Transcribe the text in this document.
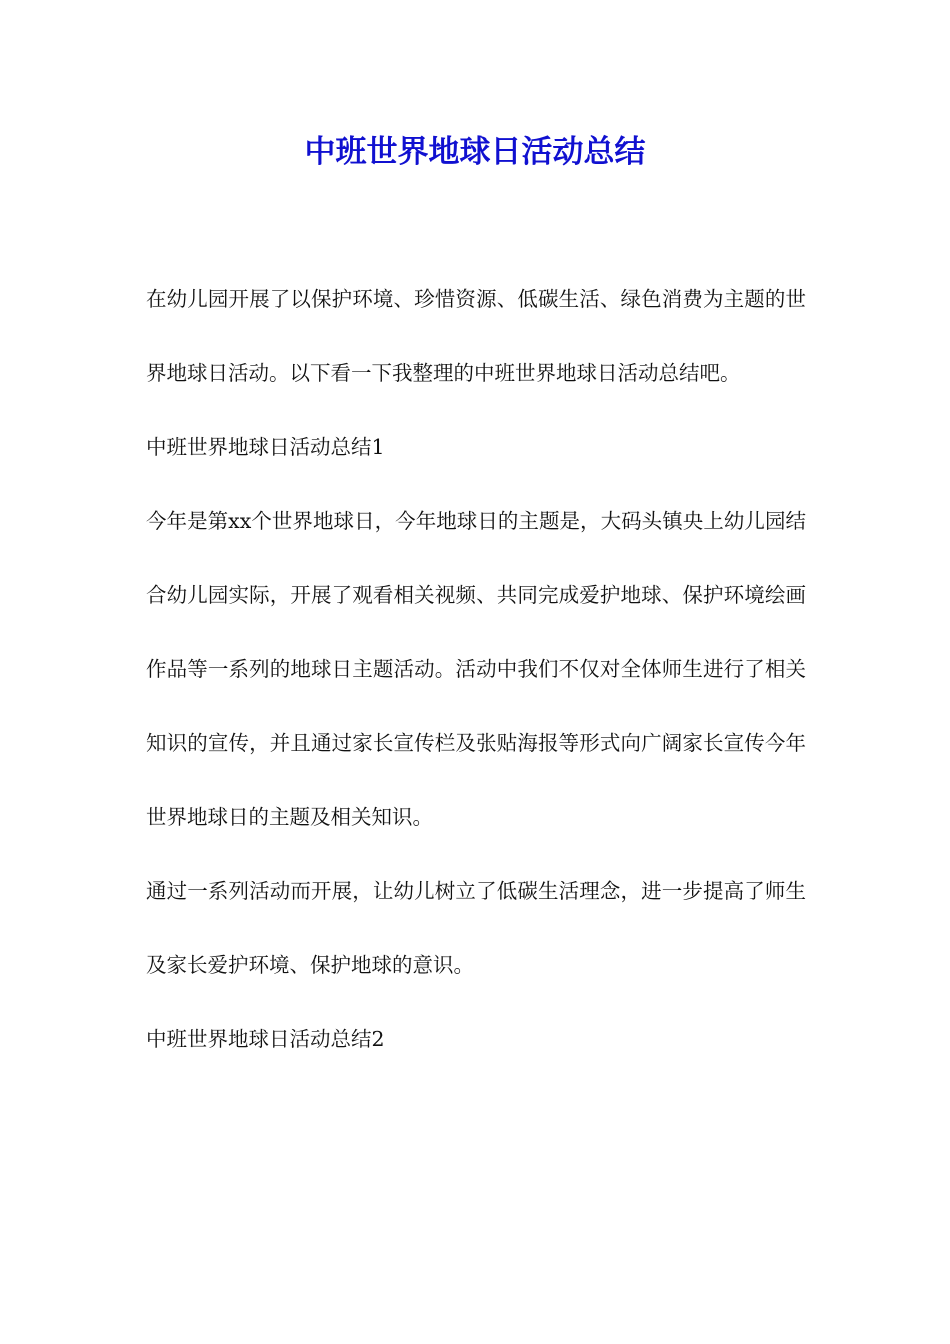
中班世界地球日活动总结

在幼儿园开展了以保护环境、珍惜资源、低碳生活、绿色消费为主题的世界地球日活动。以下看一下我整理的中班世界地球日活动总结吧。

中班世界地球日活动总结1

今年是第xx个世界地球日，今年地球日的主题是，大码头镇央上幼儿园结合幼儿园实际，开展了观看相关视频、共同完成爱护地球、保护环境绘画作品等一系列的地球日主题活动。活动中我们不仅对全体师生进行了相关知识的宣传，并且通过家长宣传栏及张贴海报等形式向广阔家长宣传今年世界地球日的主题及相关知识。

通过一系列活动而开展，让幼儿树立了低碳生活理念，进一步提高了师生及家长爱护环境、保护地球的意识。

中班世界地球日活动总结2
